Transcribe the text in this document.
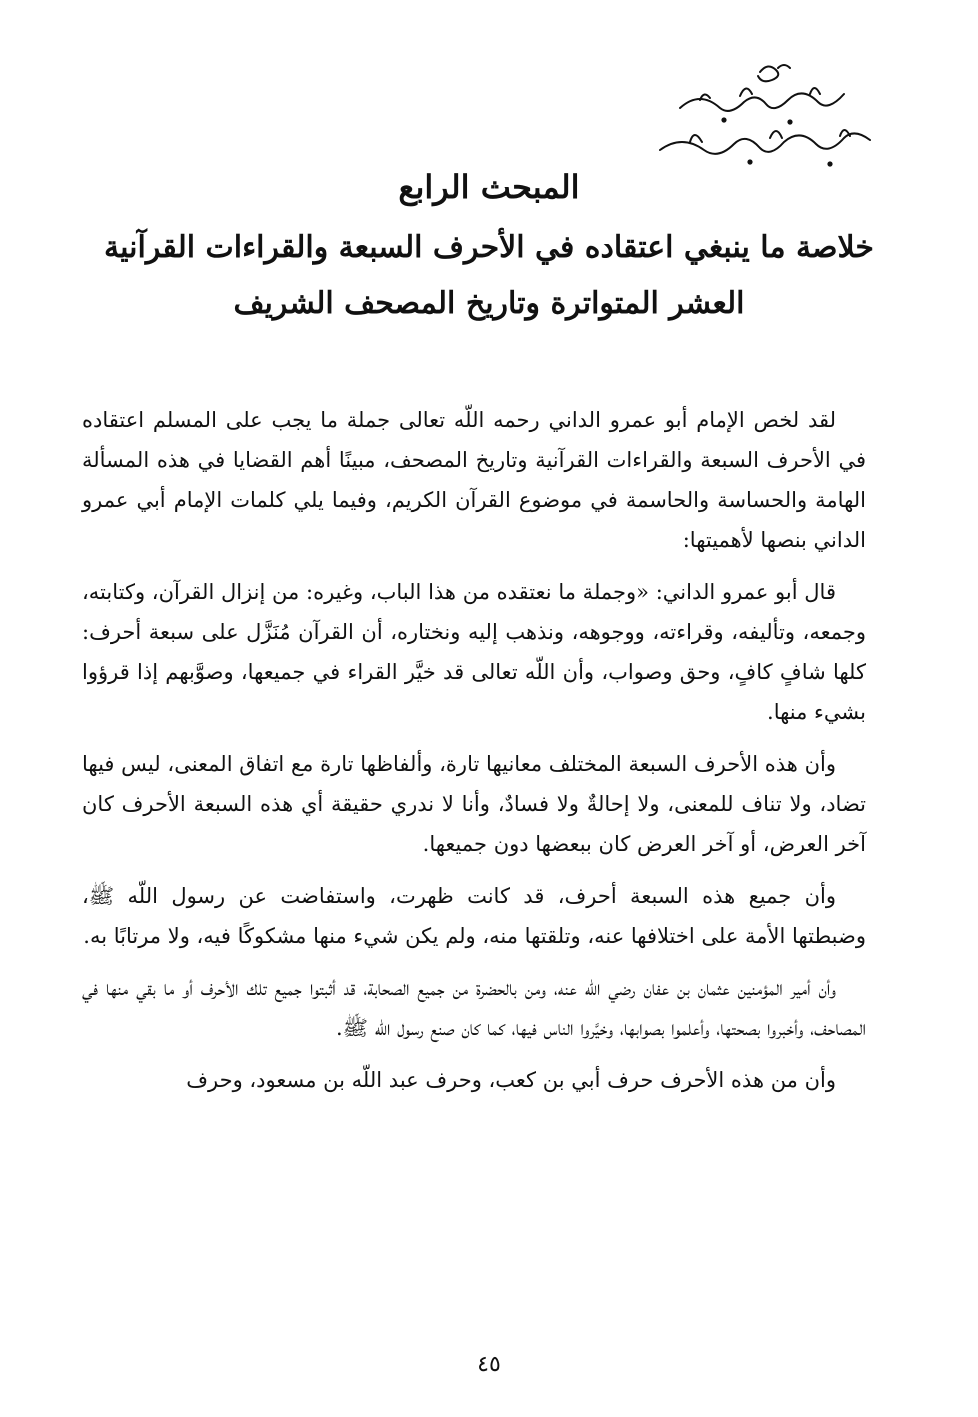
المبحث الرابع
خلاصة ما ينبغي اعتقاده في الأحرف السبعة والقراءات القرآنية العشر المتواترة وتاريخ المصحف الشريف

لقد لخص الإمام أبو عمرو الداني رحمه اللّه تعالى جملة ما يجب على المسلم اعتقاده في الأحرف السبعة والقراءات القرآنية وتاريخ المصحف، مبينًا أهم القضايا في هذه المسألة الهامة والحساسة والحاسمة في موضوع القرآن الكريم، وفيما يلي كلمات الإمام أبي عمرو الداني بنصها لأهميتها:

قال أبو عمرو الداني: «وجملة ما نعتقده من هذا الباب، وغيره: من إنزال القرآن، وكتابته، وجمعه، وتأليفه، وقراءته، ووجوهه، ونذهب إليه ونختاره، أن القرآن مُنَزَّل على سبعة أحرف: كلها شافٍ كافٍ، وحق وصواب، وأن اللّه تعالى قد خيَّر القراء في جميعها، وصوَّبهم إذا قرؤوا بشيء منها.

وأن هذه الأحرف السبعة المختلف معانيها تارة، وألفاظها تارة مع اتفاق المعنى، ليس فيها تضاد، ولا تناف للمعنى، ولا إحالةٌ ولا فسادٌ، وأنا لا ندري حقيقة أي هذه السبعة الأحرف كان آخر العرض، أو آخر العرض كان ببعضها دون جميعها.

وأن جميع هذه السبعة أحرف، قد كانت ظهرت، واستفاضت عن رسول اللّه ﷺ، وضبطتها الأمة على اختلافها عنه، وتلقتها منه، ولم يكن شيء منها مشكوكًا فيه، ولا مرتابًا به.

وأن أمير المؤمنين عثمان بن عفان رضي اللّه عنه، ومن بالحضرة من جميع الصحابة، قد أثبتوا جميع تلك الأحرف أو ما بقي منها في المصاحف، وأخبروا بصحتها، وأعلموا بصوابها، وخيَّروا الناس فيها، كما كان صنع رسول اللّه ﷺ.

وأن من هذه الأحرف حرف أبي بن كعب، وحرف عبد اللّه بن مسعود، وحرف

٤٥
